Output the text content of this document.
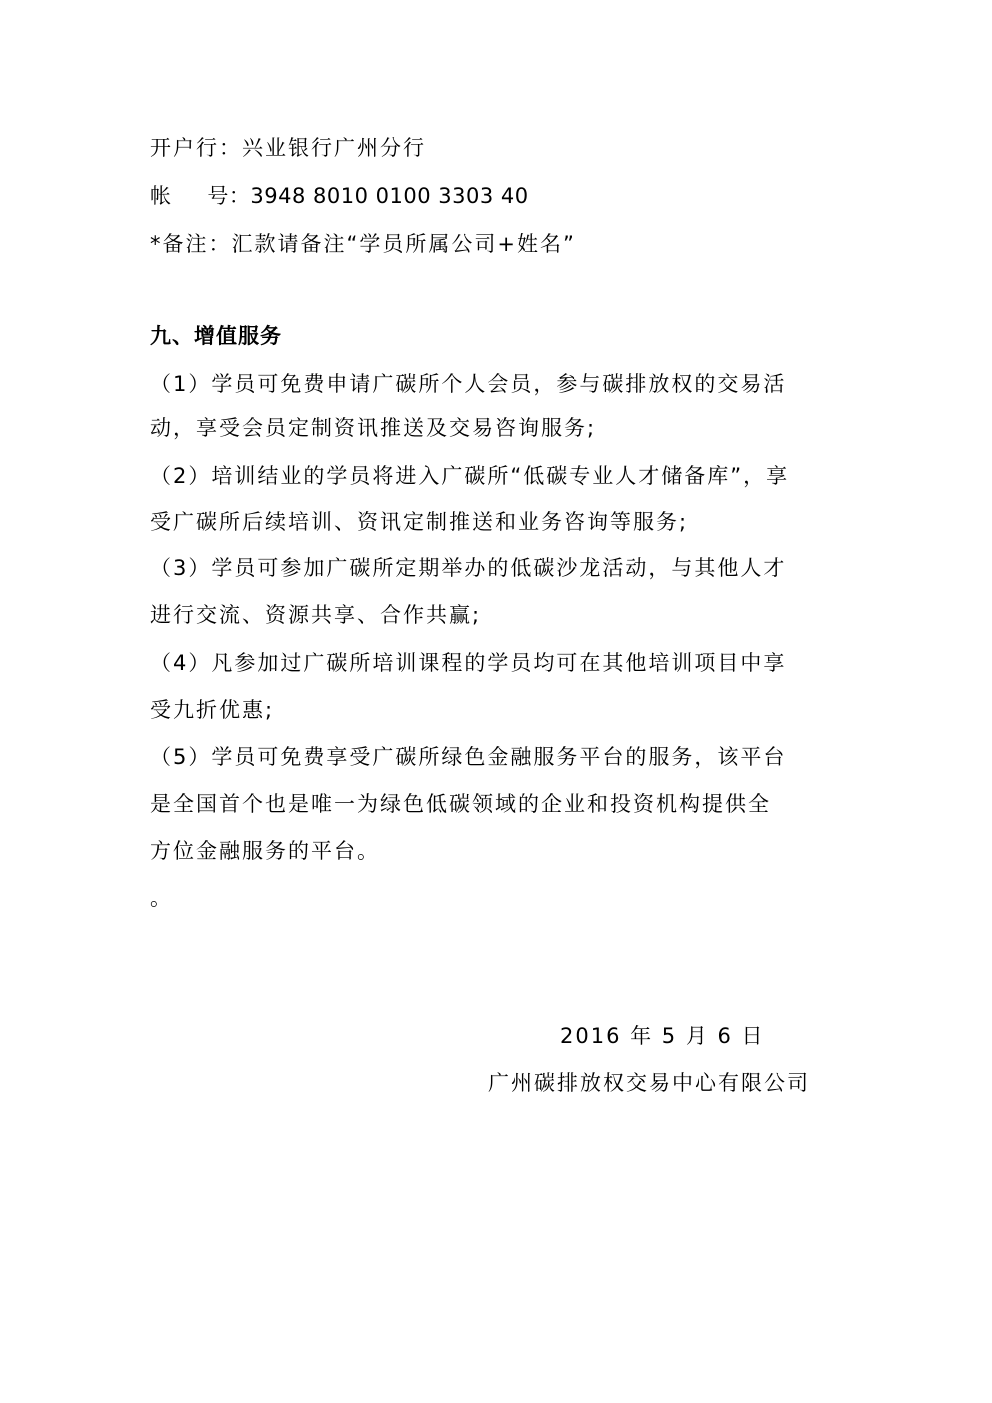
开户行：兴业银行广州分行
帐     号：3948 8010 0100 3303 40
*备注：汇款请备注“学员所属公司+姓名”
九、增值服务
（1）学员可免费申请广碳所个人会员，参与碳排放权的交易活
动，享受会员定制资讯推送及交易咨询服务;
（2）培训结业的学员将进入广碳所“低碳专业人才储备库”，享
受广碳所后续培训、资讯定制推送和业务咨询等服务;
（3）学员可参加广碳所定期举办的低碳沙龙活动，与其他人才
进行交流、资源共享、合作共赢;
（4）凡参加过广碳所培训课程的学员均可在其他培训项目中享
受九折优惠;
（5）学员可免费享受广碳所绿色金融服务平台的服务，该平台
是全国首个也是唯一为绿色低碳领域的企业和投资机构提供全
方位金融服务的平台。
。
2016 年 5 月 6 日
广州碳排放权交易中心有限公司
